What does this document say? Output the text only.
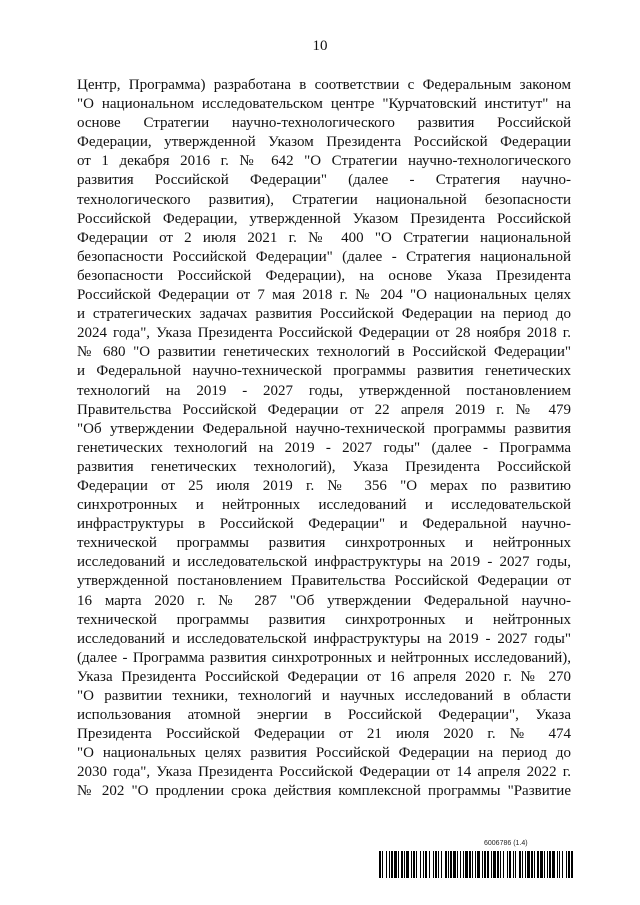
10
Центр, Программа) разработана в соответствии с Федеральным законом
"О национальном исследовательском центре "Курчатовский институт" на
основе Стратегии научно-технологического развития Российской
Федерации, утвержденной Указом Президента Российской Федерации
от 1 декабря 2016 г. № 642 "О Стратегии научно-технологического
развития Российской Федерации" (далее - Стратегия научно-
технологического развития), Стратегии национальной безопасности
Российской Федерации, утвержденной Указом Президента Российской
Федерации от 2 июля 2021 г. № 400 "О Стратегии национальной
безопасности Российской Федерации" (далее - Стратегия национальной
безопасности Российской Федерации), на основе Указа Президента
Российской Федерации от 7 мая 2018 г. № 204 "О национальных целях
и стратегических задачах развития Российской Федерации на период до
2024 года", Указа Президента Российской Федерации от 28 ноября 2018 г.
№ 680 "О развитии генетических технологий в Российской Федерации"
и Федеральной научно-технической программы развития генетических
технологий на 2019 - 2027 годы, утвержденной постановлением
Правительства Российской Федерации от 22 апреля 2019 г. № 479
"Об утверждении Федеральной научно-технической программы развития
генетических технологий на 2019 - 2027 годы" (далее - Программа
развития генетических технологий), Указа Президента Российской
Федерации от 25 июля 2019 г. № 356 "О мерах по развитию
синхротронных и нейтронных исследований и исследовательской
инфраструктуры в Российской Федерации" и Федеральной научно-
технической программы развития синхротронных и нейтронных
исследований и исследовательской инфраструктуры на 2019 - 2027 годы,
утвержденной постановлением Правительства Российской Федерации от
16 марта 2020 г. № 287 "Об утверждении Федеральной научно-
технической программы развития синхротронных и нейтронных
исследований и исследовательской инфраструктуры на 2019 - 2027 годы"
(далее - Программа развития синхротронных и нейтронных исследований),
Указа Президента Российской Федерации от 16 апреля 2020 г. № 270
"О развитии техники, технологий и научных исследований в области
использования атомной энергии в Российской Федерации", Указа
Президента Российской Федерации от 21 июля 2020 г. № 474
"О национальных целях развития Российской Федерации на период до
2030 года", Указа Президента Российской Федерации от 14 апреля 2022 г.
№ 202 "О продлении срока действия комплексной программы "Развитие
6006786 (1.4)
